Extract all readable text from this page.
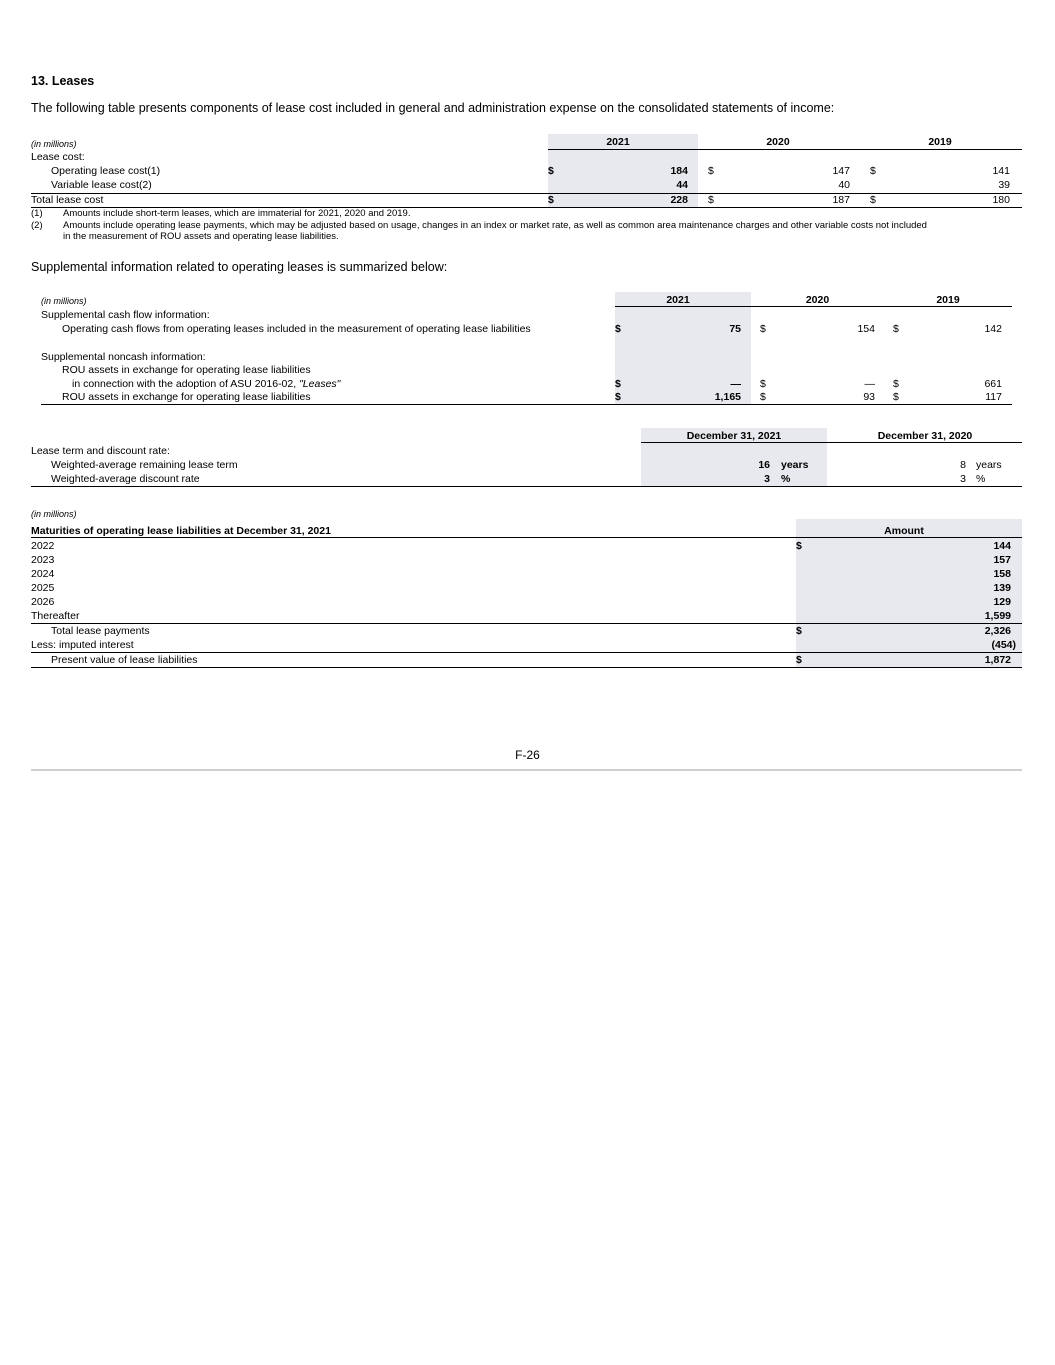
13. Leases
The following table presents components of lease cost included in general and administration expense on the consolidated statements of income:
(in millions)	2021	2020	2019
Lease cost:
Operating lease cost(1)	$	184 $	147 $	141
Variable lease cost(2)	44	40	39
Total lease cost	$	228 $	187 $	180
(1) Amounts include short-term leases, which are immaterial for 2021, 2020 and 2019.
(2) Amounts include operating lease payments, which may be adjusted based on usage, changes in an index or market rate, as well as common area maintenance charges and other variable costs not included
in the measurement of ROU assets and operating lease liabilities.
Supplemental information related to operating leases is summarized below:
(in millions)	2021	2020	2019
Supplemental cash flow information:
Operating cash flows from operating leases included in the measurement of operating lease liabilities	$	75 $	154 $	142
Supplemental noncash information:
ROU assets in exchange for operating lease liabilities
in connection with the adoption of ASU 2016-02, "Leases"	$	— $	— $	661
ROU assets in exchange for operating lease liabilities	$	1,165 $	93 $	117
December 31, 2021	December 31, 2020
Lease term and discount rate:
Weighted-average remaining lease term	16 years	8 years
Weighted-average discount rate	3 %	3 %
(in millions)
Maturities of operating lease liabilities at December 31, 2021	Amount
2022	$	144
2023	157
2024	158
2025	139
2026	129
Thereafter	1,599
Total lease payments	$	2,326
Less: imputed interest	(454)
Present value of lease liabilities	$	1,872
F-26
